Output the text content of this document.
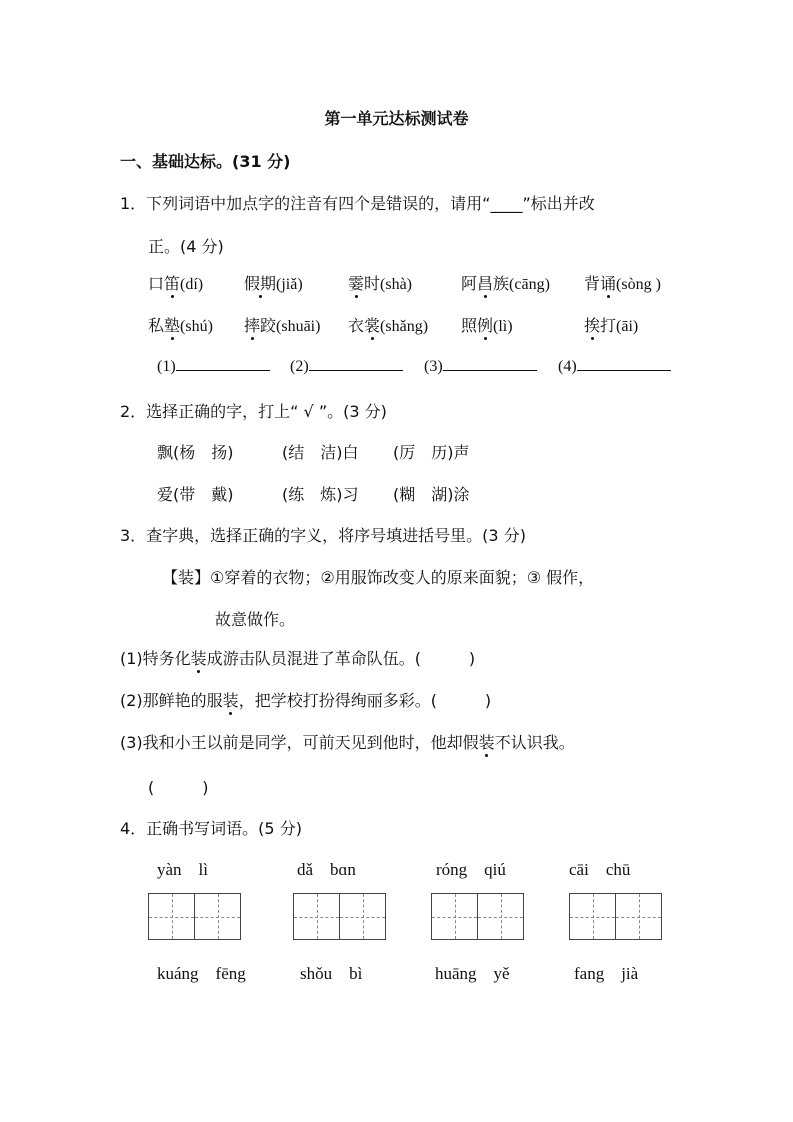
第一单元达标测试卷
一、基础达标。(31 分)
1．下列词语中加点字的注音有四个是错误的，请用“____”标出并改
正。(4 分)
口笛(dí)	假期(jiǎ)	霎时(shà)	阿昌族(cāng) 背诵(sòng )
私塾(shú) 摔跤(shuāi) 衣裳(shǎng) 照例(lì)	挨打(āi)
(1)	(2)	(3)	(4)
2．选择正确的字，打上“ √ ”。(3 分)
飘(杨　扬)	(结　洁)白 (厉　历)声
爱(带　戴)	(练　炼)习 (糊　湖)涂
3．查字典，选择正确的字义，将序号填进括号里。(3 分)
【装】①穿着的衣物；②用服饰改变人的原来面貌；③ 假作，
故意做作。
(1)特务化装成游击队员混进了革命队伍。(　　　)
(2)那鲜艳的服装，把学校打扮得绚丽多彩。(　　　)
(3)我和小王以前是同学，可前天见到他时，他却假装不认识我。
(　　　)
4．正确书写词语。(5 分)
yàn　lì	dǎ　bɑn	róng　qiú	cāi　chū
kuáng　fēng	shǒu　bì	huāng　yě	fang　jià
